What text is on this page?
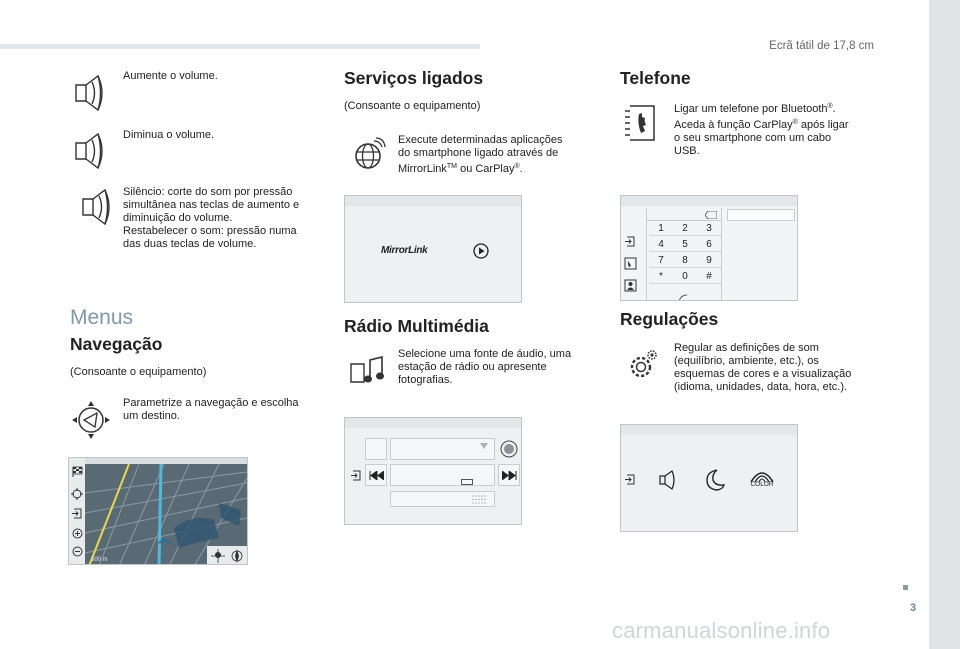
Ecrã tátil de 17,8 cm
Aumente o volume.
Diminua o volume.
Silêncio: corte do som por pressão
simultânea nas teclas de aumento e
diminuição do volume.
Restabelecer o som: pressão numa
das duas teclas de volume.
Menus
Navegação
(Consoante o equipamento)
Parametrize a navegação e escolha
um destino.
500 m
Serviços ligados
(Consoante o equipamento)
Execute determinadas aplicações
do smartphone ligado através de
MirrorLink™ ou CarPlay®.
MirrorLink
Rádio Multimédia
Selecione uma fonte de áudio, uma
estação de rádio ou apresente
fotografias.
Telefone
Ligar um telefone por Bluetooth®.
Aceda à função CarPlay® após ligar
o seu smartphone com um cabo
USB.
1	2	3
4	5	6
7	8	9
*	0	#
Regulações
Regular as definições de som
(equilíbrio, ambiente, etc.), os
esquemas de cores e a visualização
(idioma, unidades, data, hora, etc.).
COLOR
3
carmanualsonline.info
